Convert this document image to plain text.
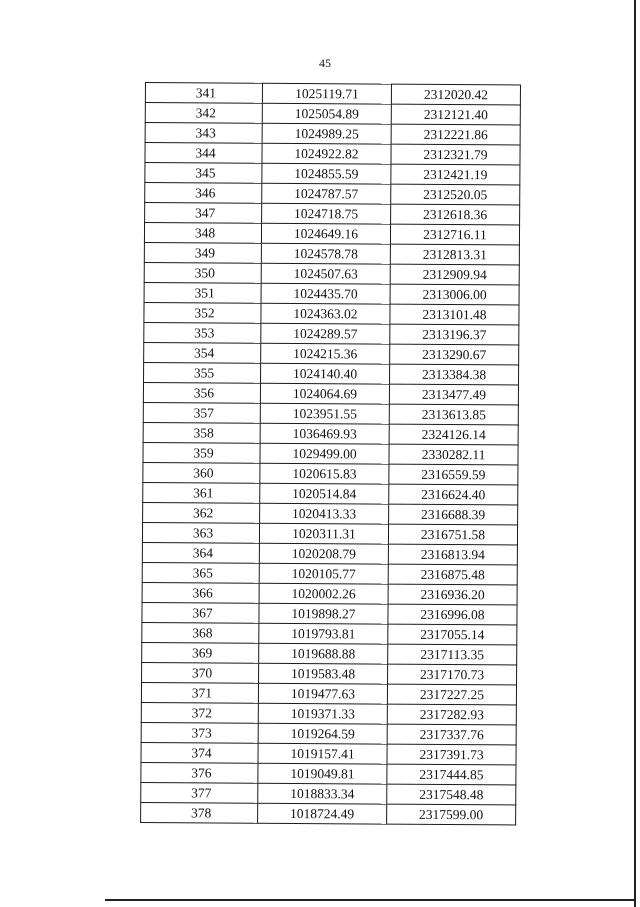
45
341	1025119.71	2312020.42
342	1025054.89	2312121.40
343	1024989.25	2312221.86
344	1024922.82	2312321.79
345	1024855.59	2312421.19
346	1024787.57	2312520.05
347	1024718.75	2312618.36
348	1024649.16	2312716.11
349	1024578.78	2312813.31
350	1024507.63	2312909.94
351	1024435.70	2313006.00
352	1024363.02	2313101.48
353	1024289.57	2313196.37
354	1024215.36	2313290.67
355	1024140.40	2313384.38
356	1024064.69	2313477.49
357	1023951.55	2313613.85
358	1036469.93	2324126.14
359	1029499.00	2330282.11
360	1020615.83	2316559.59
361	1020514.84	2316624.40
362	1020413.33	2316688.39
363	1020311.31	2316751.58
364	1020208.79	2316813.94
365	1020105.77	2316875.48
366	1020002.26	2316936.20
367	1019898.27	2316996.08
368	1019793.81	2317055.14
369	1019688.88	2317113.35
370	1019583.48	2317170.73
371	1019477.63	2317227.25
372	1019371.33	2317282.93
373	1019264.59	2317337.76
374	1019157.41	2317391.73
376	1019049.81	2317444.85
377	1018833.34	2317548.48
378	1018724.49	2317599.00
